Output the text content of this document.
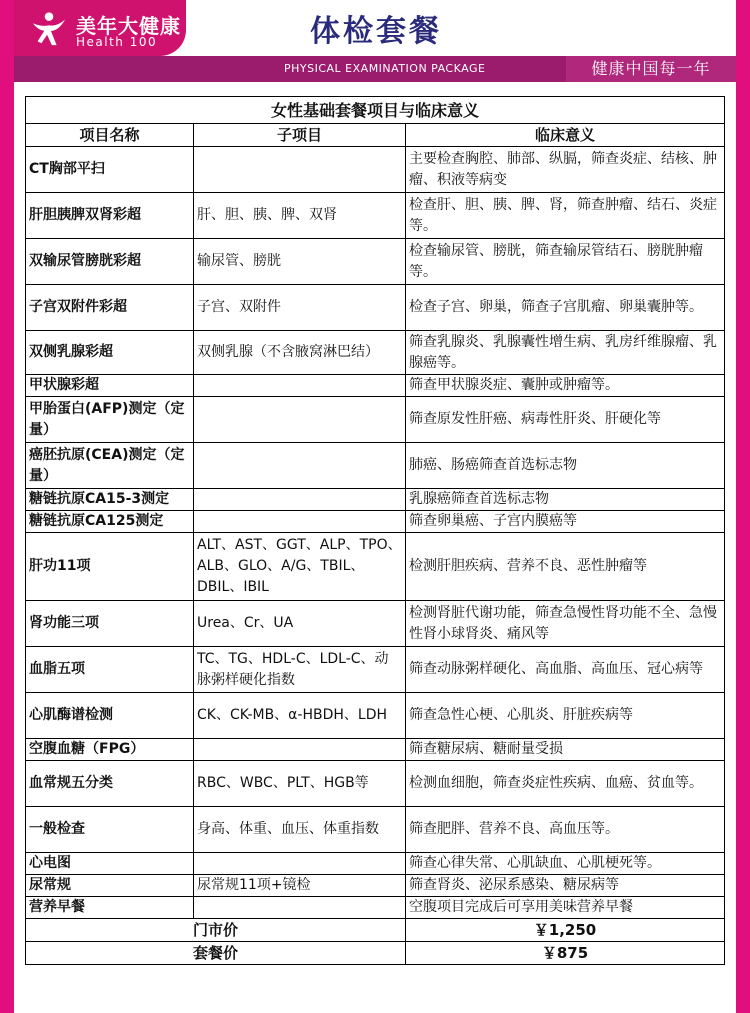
美年大健康
Health 100	体检套餐
PHYSICAL EXAMINATION PACKAGE	健康中国每一年
女性基础套餐项目与临床意义		
项目名称	子项目	临床意义
CT胸部平扫		主要检查胸腔、肺部、纵膈，筛查炎症、结核、肿瘤、积液等病变
肝胆胰脾双肾彩超	肝、胆、胰、脾、双肾	检查肝、胆、胰、脾、肾，筛查肿瘤、结石、炎症等。
双输尿管膀胱彩超	输尿管、膀胱	检查输尿管、膀胱，筛查输尿管结石、膀胱肿瘤等。
子宫双附件彩超	子宫、双附件	检查子宫、卵巢，筛查子宫肌瘤、卵巢囊肿等。
双侧乳腺彩超	双侧乳腺（不含腋窝淋巴结）	筛查乳腺炎、乳腺囊性增生病、乳房纤维腺瘤、乳腺癌等。
甲状腺彩超		筛查甲状腺炎症、囊肿或肿瘤等。
甲胎蛋白(AFP)测定（定量）		筛查原发性肝癌、病毒性肝炎、肝硬化等
癌胚抗原(CEA)测定（定量）		肺癌、肠癌筛查首选标志物
糖链抗原CA15-3测定		乳腺癌筛查首选标志物
糖链抗原CA125测定		筛查卵巢癌、子宫内膜癌等
肝功11项	ALT、AST、GGT、ALP、TPO、ALB、GLO、A/G、TBIL、DBIL、IBIL	检测肝胆疾病、营养不良、恶性肿瘤等
肾功能三项	Urea、Cr、UA	检测肾脏代谢功能，筛查急慢性肾功能不全、急慢性肾小球肾炎、痛风等
血脂五项	TC、TG、HDL-C、LDL-C、动脉粥样硬化指数	筛查动脉粥样硬化、高血脂、高血压、冠心病等
心肌酶谱检测	CK、CK-MB、α-HBDH、LDH	筛查急性心梗、心肌炎、肝脏疾病等
空腹血糖（FPG）		筛查糖尿病、糖耐量受损
血常规五分类	RBC、WBC、PLT、HGB等	检测血细胞，筛查炎症性疾病、血癌、贫血等。
一般检查	身高、体重、血压、体重指数	筛查肥胖、营养不良、高血压等。
心电图		筛查心律失常、心肌缺血、心肌梗死等。
尿常规	尿常规11项+镜检	筛查肾炎、泌尿系感染、糖尿病等
营养早餐		空腹项目完成后可享用美味营养早餐
门市价		￥1,250
套餐价		￥875
